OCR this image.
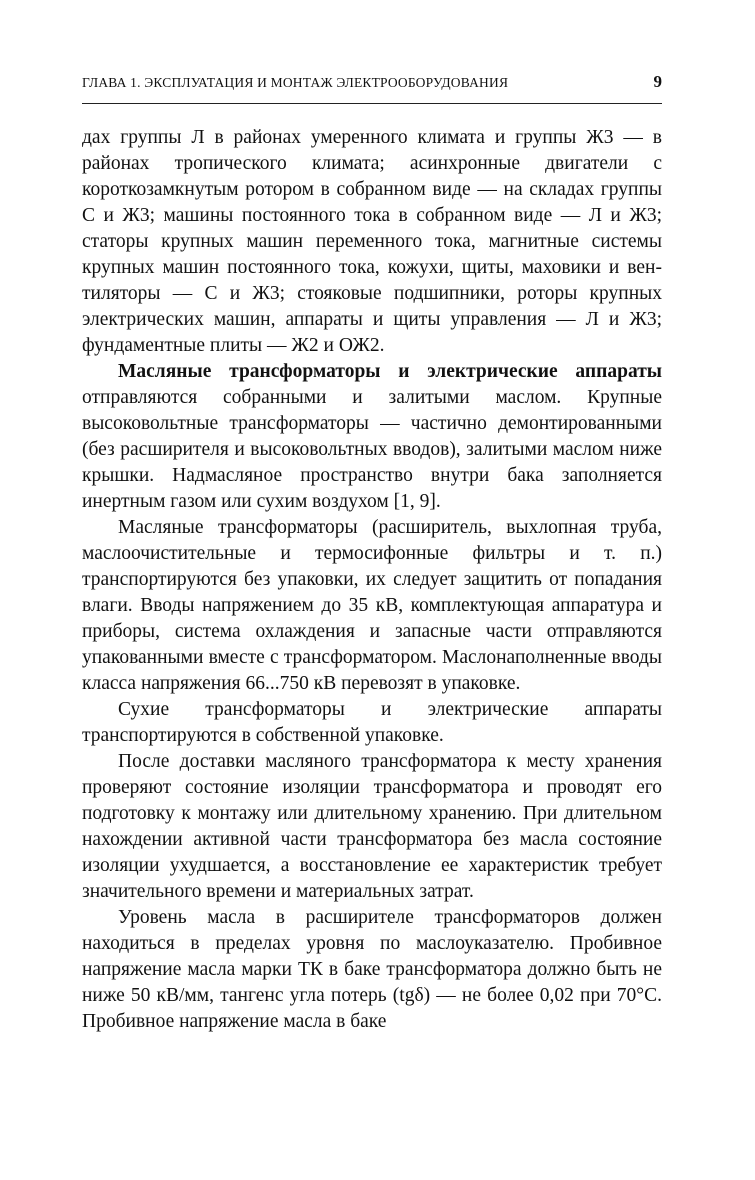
ГЛАВА 1. ЭКСПЛУАТАЦИЯ И МОНТАЖ ЭЛЕКТРООБОРУДОВАНИЯ	9

дах группы Л в районах умеренного климата и группы Ж3 — в районах тропического климата; асинхронные двигатели с короткозамкнутым ротором в собранном виде — на складах группы С и Ж3; машины постоянного тока в собранном виде — Л и Ж3; статоры крупных машин переменного тока, магнитные системы крупных машин постоянного тока, кожухи, щиты, маховики и вентиляторы — С и Ж3; стояковые подшипники, роторы крупных электрических машин, аппараты и щиты управления — Л и Ж3; фундаментные плиты — Ж2 и ОЖ2.

Масляные трансформаторы и электрические аппараты отправляются собранными и залитыми маслом. Крупные высоковольтные трансформаторы — частично демонтированными (без расширителя и высоковольтных вводов), залитыми маслом ниже крышки. Надмасляное пространство внутри бака заполняется инертным газом или сухим воздухом [1, 9].

Масляные трансформаторы (расширитель, выхлопная труба, маслоочистительные и термосифонные фильтры и т. п.) транспортируются без упаковки, их следует защитить от попадания влаги. Вводы напряжением до 35 кВ, комплектующая аппаратура и приборы, система охлаждения и запасные части отправляются упакованными вместе с трансформатором. Маслонаполненные вводы класса напряжения 66...750 кВ перевозят в упаковке.

Сухие трансформаторы и электрические аппараты транспортируются в собственной упаковке.

После доставки масляного трансформатора к месту хранения проверяют состояние изоляции трансформатора и проводят его подготовку к монтажу или длительному хранению. При длительном нахождении активной части трансформатора без масла состояние изоляции ухудшается, а восстановление ее характеристик требует значительного времени и материальных затрат.

Уровень масла в расширителе трансформаторов должен находиться в пределах уровня по маслоуказателю. Пробивное напряжение масла марки ТК в баке трансформатора должно быть не ниже 50 кВ/мм, тангенс угла потерь (tgδ) — не более 0,02 при 70°С. Пробивное напряжение масла в баке
